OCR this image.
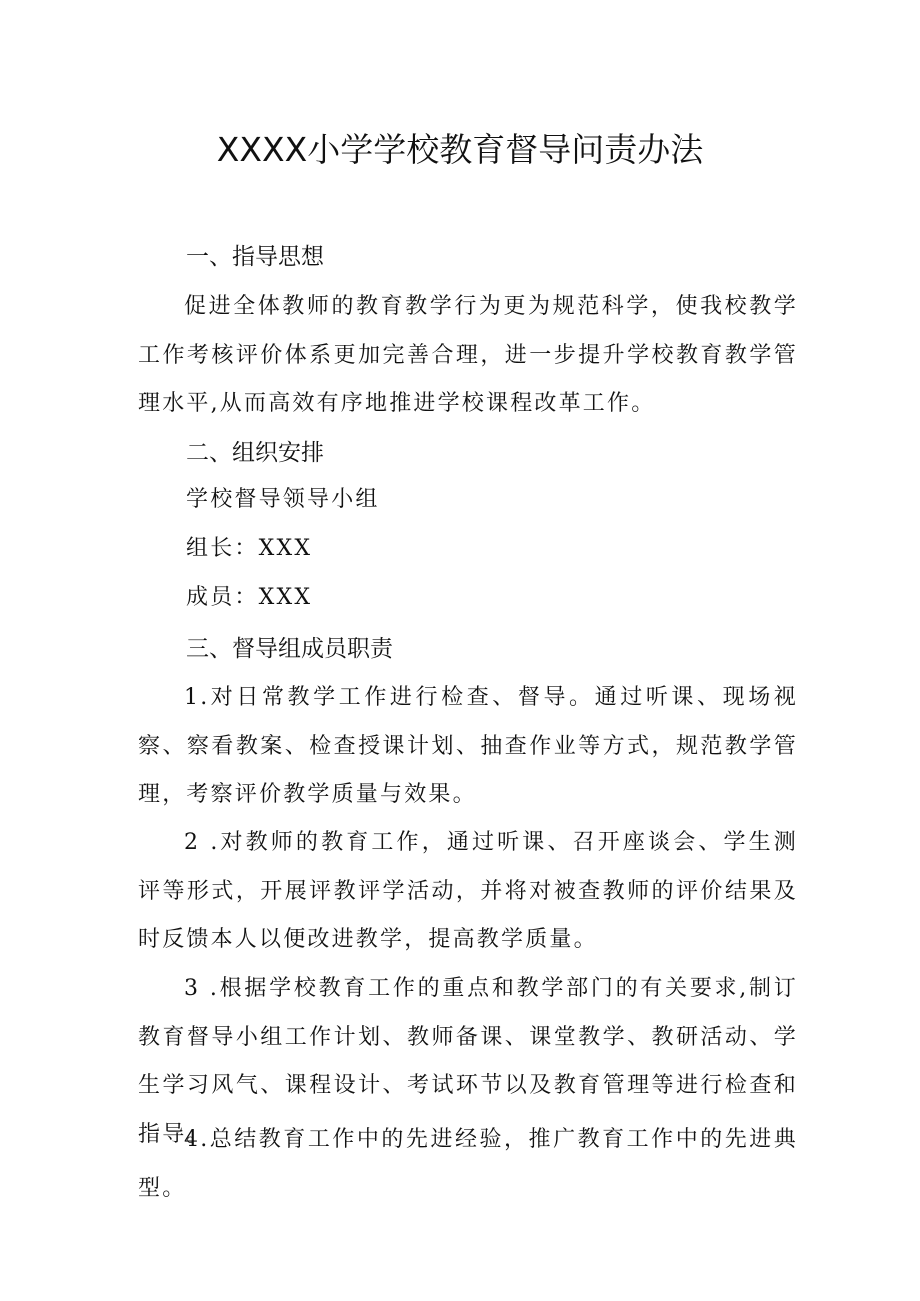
XXXX小学学校教育督导问责办法
一、指导思想

促进全体教师的教育教学行为更为规范科学，使我校教学工作考核评价体系更加完善合理，进一步提升学校教育教学管理水平,从而高效有序地推进学校课程改革工作。

二、组织安排

学校督导领导小组

组长：XXX

成员：XXX

三、督导组成员职责

1.对日常教学工作进行检查、督导。通过听课、现场视察、察看教案、检查授课计划、抽查作业等方式，规范教学管理，考察评价教学质量与效果。

2 .对教师的教育工作，通过听课、召开座谈会、学生测评等形式，开展评教评学活动，并将对被查教师的评价结果及时反馈本人以便改进教学，提高教学质量。

3 .根据学校教育工作的重点和教学部门的有关要求,制订教育督导小组工作计划、教师备课、课堂教学、教研活动、学生学习风气、课程设计、考试环节以及教育管理等进行检查和指导。

4.总结教育工作中的先进经验，推广教育工作中的先进典型。
